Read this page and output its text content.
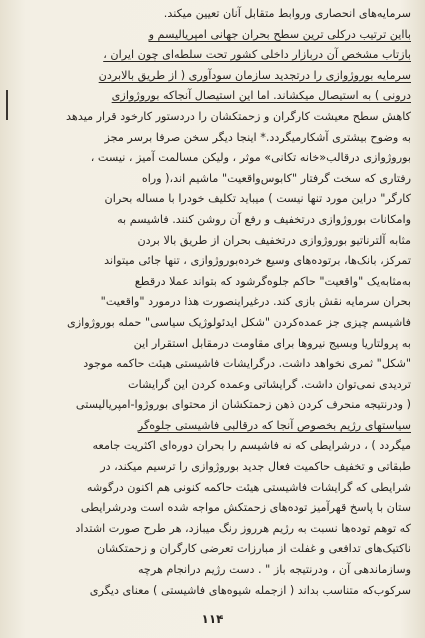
سرمایه‌های انحصاری وروابط متقابل آنان تعیین میکند.
بااین ترتیب درکلی ترین سطح بحران جهانی امپریالیسم و
بازتاب مشخص آن دربازار داخلی کشور تحت سلطه‌ای چون ایران ،
سرمایه بوروژوازی را درتجدید سازمان سودآوری ( از طریق بالابردن
درونی ) به استیصال میکشاند. اما این استیصال آنجاکه بوروژوازی
کاهش سطح معیشت کارگران و زحمتکشان را دردستور کارخود قرار میدهد
به وضوح بیشتری آشکارمیگردد.* اینجا دیگر سخن صرفا برسر مجز
بوروژوازی درقالب«خانه تکانی» موثر ، ولیکن مسالمت آمیز ، نیست ،
رفتاری که سخت گرفتار "کابوس‌واقعیت" ماشیم اند،( وراه
کارگر" دراین مورد تنها نیست ) میباید تکلیف خودرا با مساله بحران
وامکانات بوروژوازی درتخفیف و رفع آن روشن کنند. فاشیسم به
مثابه آلترناتیو بوروژوازی درتخفیف بحران از طریق بالا بردن
تمرکز، بانک‌ها، برتوده‌های وسیع خرده‌بوروژوازی ، تنها جائی میتواند
به‌مثابه‌یک "واقعیت" حاکم جلوه‌گرشود که بتواند عملا درقطع
بحران سرمایه نقش بازی کند. درغیراینصورت هذا درمورد "واقعیت"
فاشیسم چیزی جز عمده‌کردن "شکل ایدئولوژیک سیاسی" حمله بوروژوازی
به پرولتاریا وبسیج نیروها برای مقاومت درمقابل استقرار این
"شکل" ثمری نخواهد داشت. درگرایشات فاشیستی هیئت حاکمه موجود
تردیدی نمی‌توان داشت. گرایشاتی وعمده کردن این گرایشات
( ودرنتیجه منحرف کردن ذهن زحمتکشان از محتوای بوروژوا-امپریالیستی
سیاستهای رژیم بخصوص آنجا که درقالبی فاشیستی جلوه‌گر
میگردد ) ، درشرایطی که نه فاشیسم را بحران دوره‌ای اکثریت جامعه
طبقاتی و تخفیف حاکمیت فعال جدید بوروژوازی را ترسیم میکند، در
شرایطی که گرایشات فاشیستی هیئت حاکمه کنونی هم اکنون درگوشه‌
ستان با پاسخ قهرآمیز توده‌های زحمتکش مواجه شده است ودرشرایطی
که توهم توده‌ها نسبت به رژیم هرروز رنگ میبازد، هر طرح صورت اشتداد
ناکتیک‌های تدافعی و غفلت از مبارزات تعرضی کارگران و زحمتکشان
وسازماندهی آن ، ودرنتیجه باز " . دست رژیم درانجام هرچه
سرکوب‌که متناسب بداند ( ازجمله شیوه‌های فاشیستی ) معنای دیگری
۱۱۴
